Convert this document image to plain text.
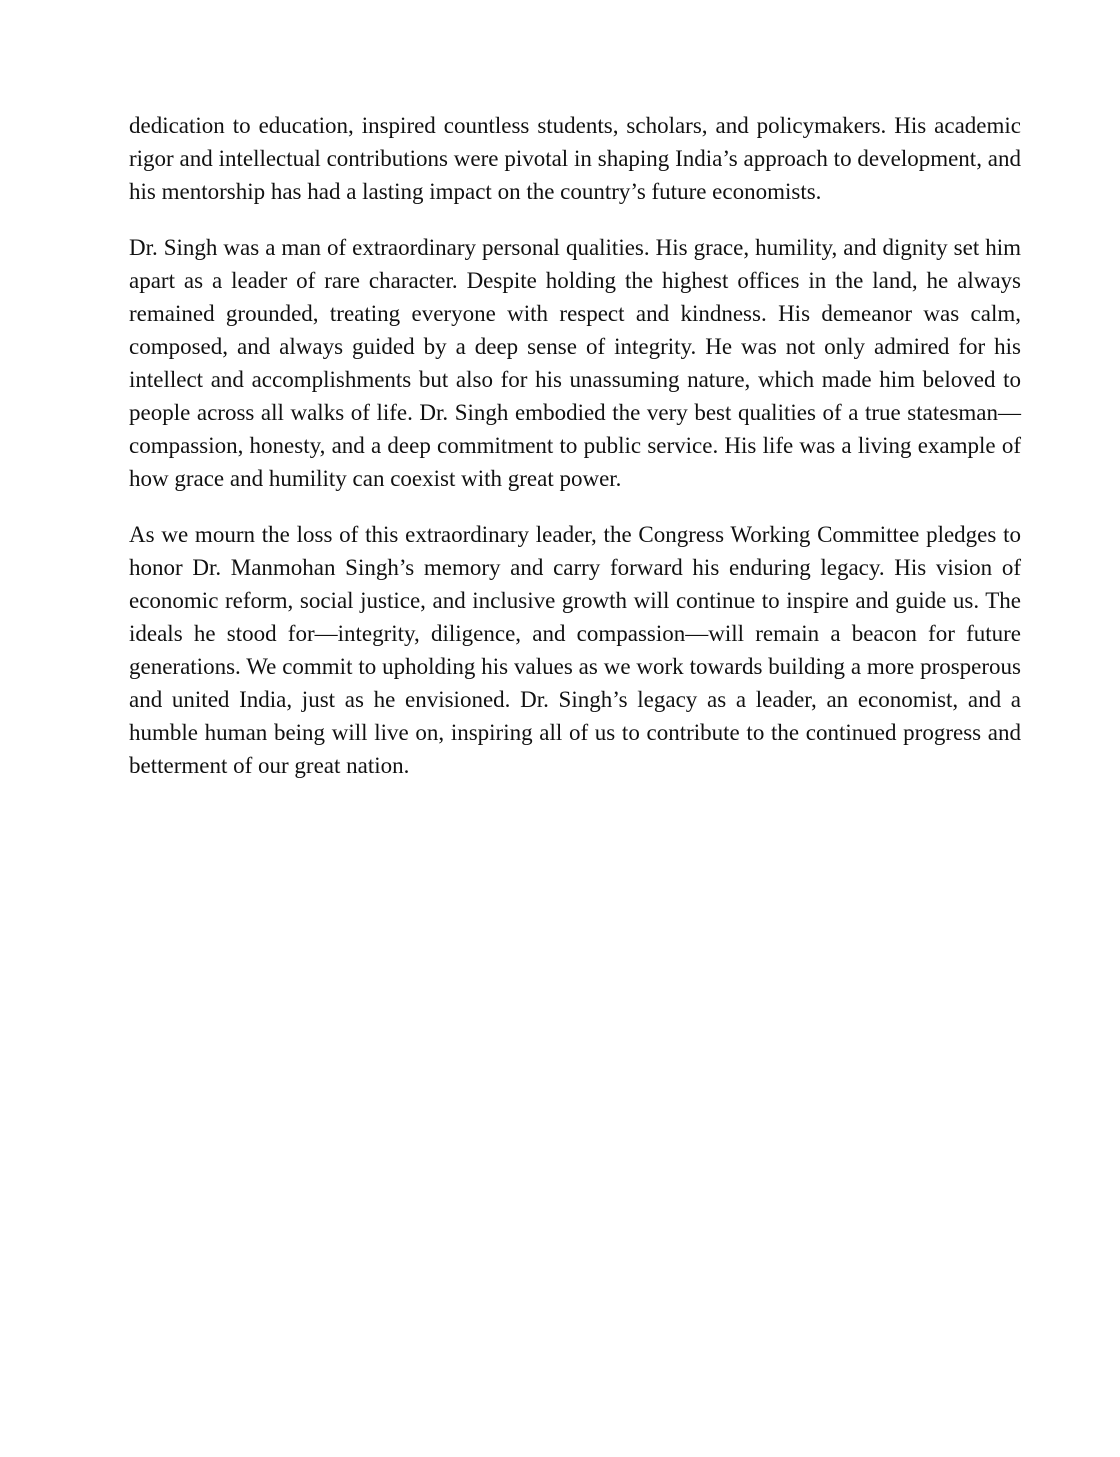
dedication to education, inspired countless students, scholars, and policymakers. His academic rigor and intellectual contributions were pivotal in shaping India’s approach to development, and his mentorship has had a lasting impact on the country’s future economists.

Dr. Singh was a man of extraordinary personal qualities. His grace, humility, and dignity set him apart as a leader of rare character. Despite holding the highest offices in the land, he always remained grounded, treating everyone with respect and kindness. His demeanor was calm, composed, and always guided by a deep sense of integrity. He was not only admired for his intellect and accomplishments but also for his unassuming nature, which made him beloved to people across all walks of life. Dr. Singh embodied the very best qualities of a true statesman—compassion, honesty, and a deep commitment to public service. His life was a living example of how grace and humility can coexist with great power.

As we mourn the loss of this extraordinary leader, the Congress Working Committee pledges to honor Dr. Manmohan Singh’s memory and carry forward his enduring legacy. His vision of economic reform, social justice, and inclusive growth will continue to inspire and guide us. The ideals he stood for—integrity, diligence, and compassion—will remain a beacon for future generations. We commit to upholding his values as we work towards building a more prosperous and united India, just as he envisioned. Dr. Singh’s legacy as a leader, an economist, and a humble human being will live on, inspiring all of us to contribute to the continued progress and betterment of our great nation.
